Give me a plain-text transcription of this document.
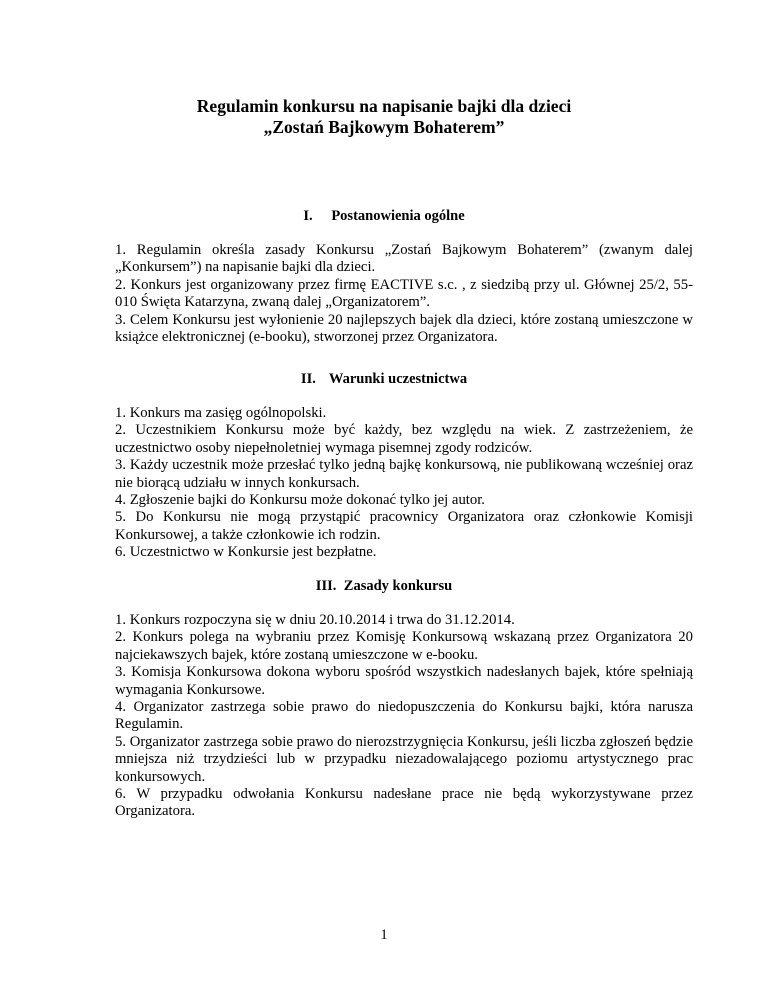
Regulamin konkursu na napisanie bajki dla dzieci
„Zostań Bajkowym Bohaterem”
I. Postanowienia ogólne

1. Regulamin określa zasady Konkursu „Zostań Bajkowym Bohaterem” (zwanym dalej „Konkursem”) na napisanie bajki dla dzieci.

2. Konkurs jest organizowany przez firmę EACTIVE s.c. , z siedzibą przy ul. Głównej 25/2, 55-010 Święta Katarzyna, zwaną dalej „Organizatorem”.

3. Celem Konkursu jest wyłonienie 20 najlepszych bajek dla dzieci, które zostaną umieszczone w książce elektronicznej (e-booku), stworzonej przez Organizatora.

II. Warunki uczestnictwa

1. Konkurs ma zasięg ogólnopolski.

2. Uczestnikiem Konkursu może być każdy, bez względu na wiek. Z zastrzeżeniem, że uczestnictwo osoby niepełnoletniej wymaga pisemnej zgody rodziców.

3. Każdy uczestnik może przesłać tylko jedną bajkę konkursową, nie publikowaną wcześniej oraz nie biorącą udziału w innych konkursach.

4. Zgłoszenie bajki do Konkursu może dokonać tylko jej autor.

5. Do Konkursu nie mogą przystąpić pracownicy Organizatora oraz członkowie Komisji Konkursowej, a także członkowie ich rodzin.

6. Uczestnictwo w Konkursie jest bezpłatne.

III. Zasady konkursu

1. Konkurs rozpoczyna się w dniu 20.10.2014 i trwa do 31.12.2014.

2. Konkurs polega na wybraniu przez Komisję Konkursową wskazaną przez Organizatora 20 najciekawszych bajek, które zostaną umieszczone w e-booku.

3. Komisja Konkursowa dokona wyboru spośród wszystkich nadesłanych bajek, które spełniają wymagania Konkursowe.

4. Organizator zastrzega sobie prawo do niedopuszczenia do Konkursu bajki, która narusza Regulamin.

5. Organizator zastrzega sobie prawo do nierozstrzygnięcia Konkursu, jeśli liczba zgłoszeń będzie mniejsza niż trzydzieści lub w przypadku niezadowalającego poziomu artystycznego prac konkursowych.

6. W przypadku odwołania Konkursu nadesłane prace nie będą wykorzystywane przez Organizatora.

1
